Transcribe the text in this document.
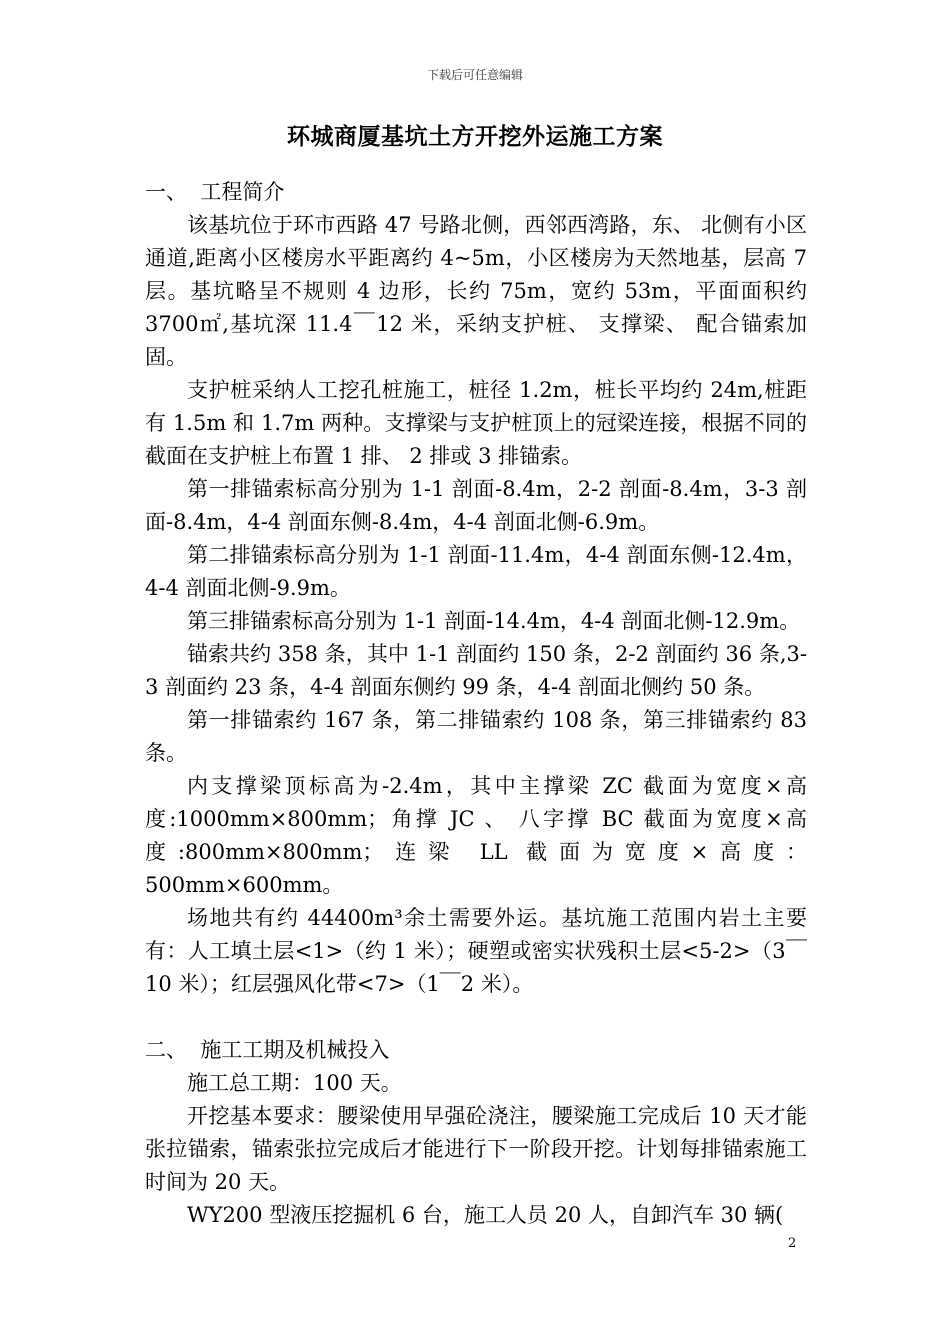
下载后可任意编辑
环城商厦基坑土方开挖外运施工方案

一、  工程简介

该基坑位于环市西路 47 号路北侧，西邻西湾路，东、 北侧有小区通道,距离小区楼房水平距离约 4~5m，小区楼房为天然地基，层高 7 层。基坑略呈不规则 4 边形，长约 75m，宽约 53m，平面面积约 3700㎡,基坑深 11.4￣12 米，采纳支护桩、 支撑梁、 配合锚索加固。

支护桩采纳人工挖孔桩施工，桩径 1.2m，桩长平均约 24m,桩距有 1.5m 和 1.7m 两种。支撑梁与支护桩顶上的冠梁连接，根据不同的截面在支护桩上布置 1 排、 2 排或 3 排锚索。

第一排锚索标高分别为 1-1 剖面-8.4m，2-2 剖面-8.4m，3-3 剖面-8.4m，4-4 剖面东侧-8.4m，4-4 剖面北侧-6.9m。

第二排锚索标高分别为 1-1 剖面-11.4m，4-4 剖面东侧-12.4m，4-4 剖面北侧-9.9m。

第三排锚索标高分别为 1-1 剖面-14.4m，4-4 剖面北侧-12.9m。

锚索共约 358 条，其中 1-1 剖面约 150 条，2-2 剖面约 36 条,3-3 剖面约 23 条，4-4 剖面东侧约 99 条，4-4 剖面北侧约 50 条。

第一排锚索约 167 条，第二排锚索约 108 条，第三排锚索约 83 条。

内支撑梁顶标高为-2.4m，其中主撑梁 ZC 截面为宽度×高度:1000mm×800mm；角撑 JC 、 八字撑 BC 截面为宽度×高度:800mm×800mm；连梁 LL 截面为宽度×高度：500mm×600mm。

场地共有约 44400m³余土需要外运。基坑施工范围内岩土主要有：人工填土层<1>（约 1 米）；硬塑或密实状残积土层<5-2>（3￣10 米）；红层强风化带<7>（1￣2 米）。

二、  施工工期及机械投入

施工总工期：100 天。

开挖基本要求：腰梁使用早强砼浇注，腰梁施工完成后 10 天才能张拉锚索，锚索张拉完成后才能进行下一阶段开挖。计划每排锚索施工时间为 20 天。

WY200 型液压挖掘机 6 台，施工人员 20 人，自卸汽车 30 辆(

2
